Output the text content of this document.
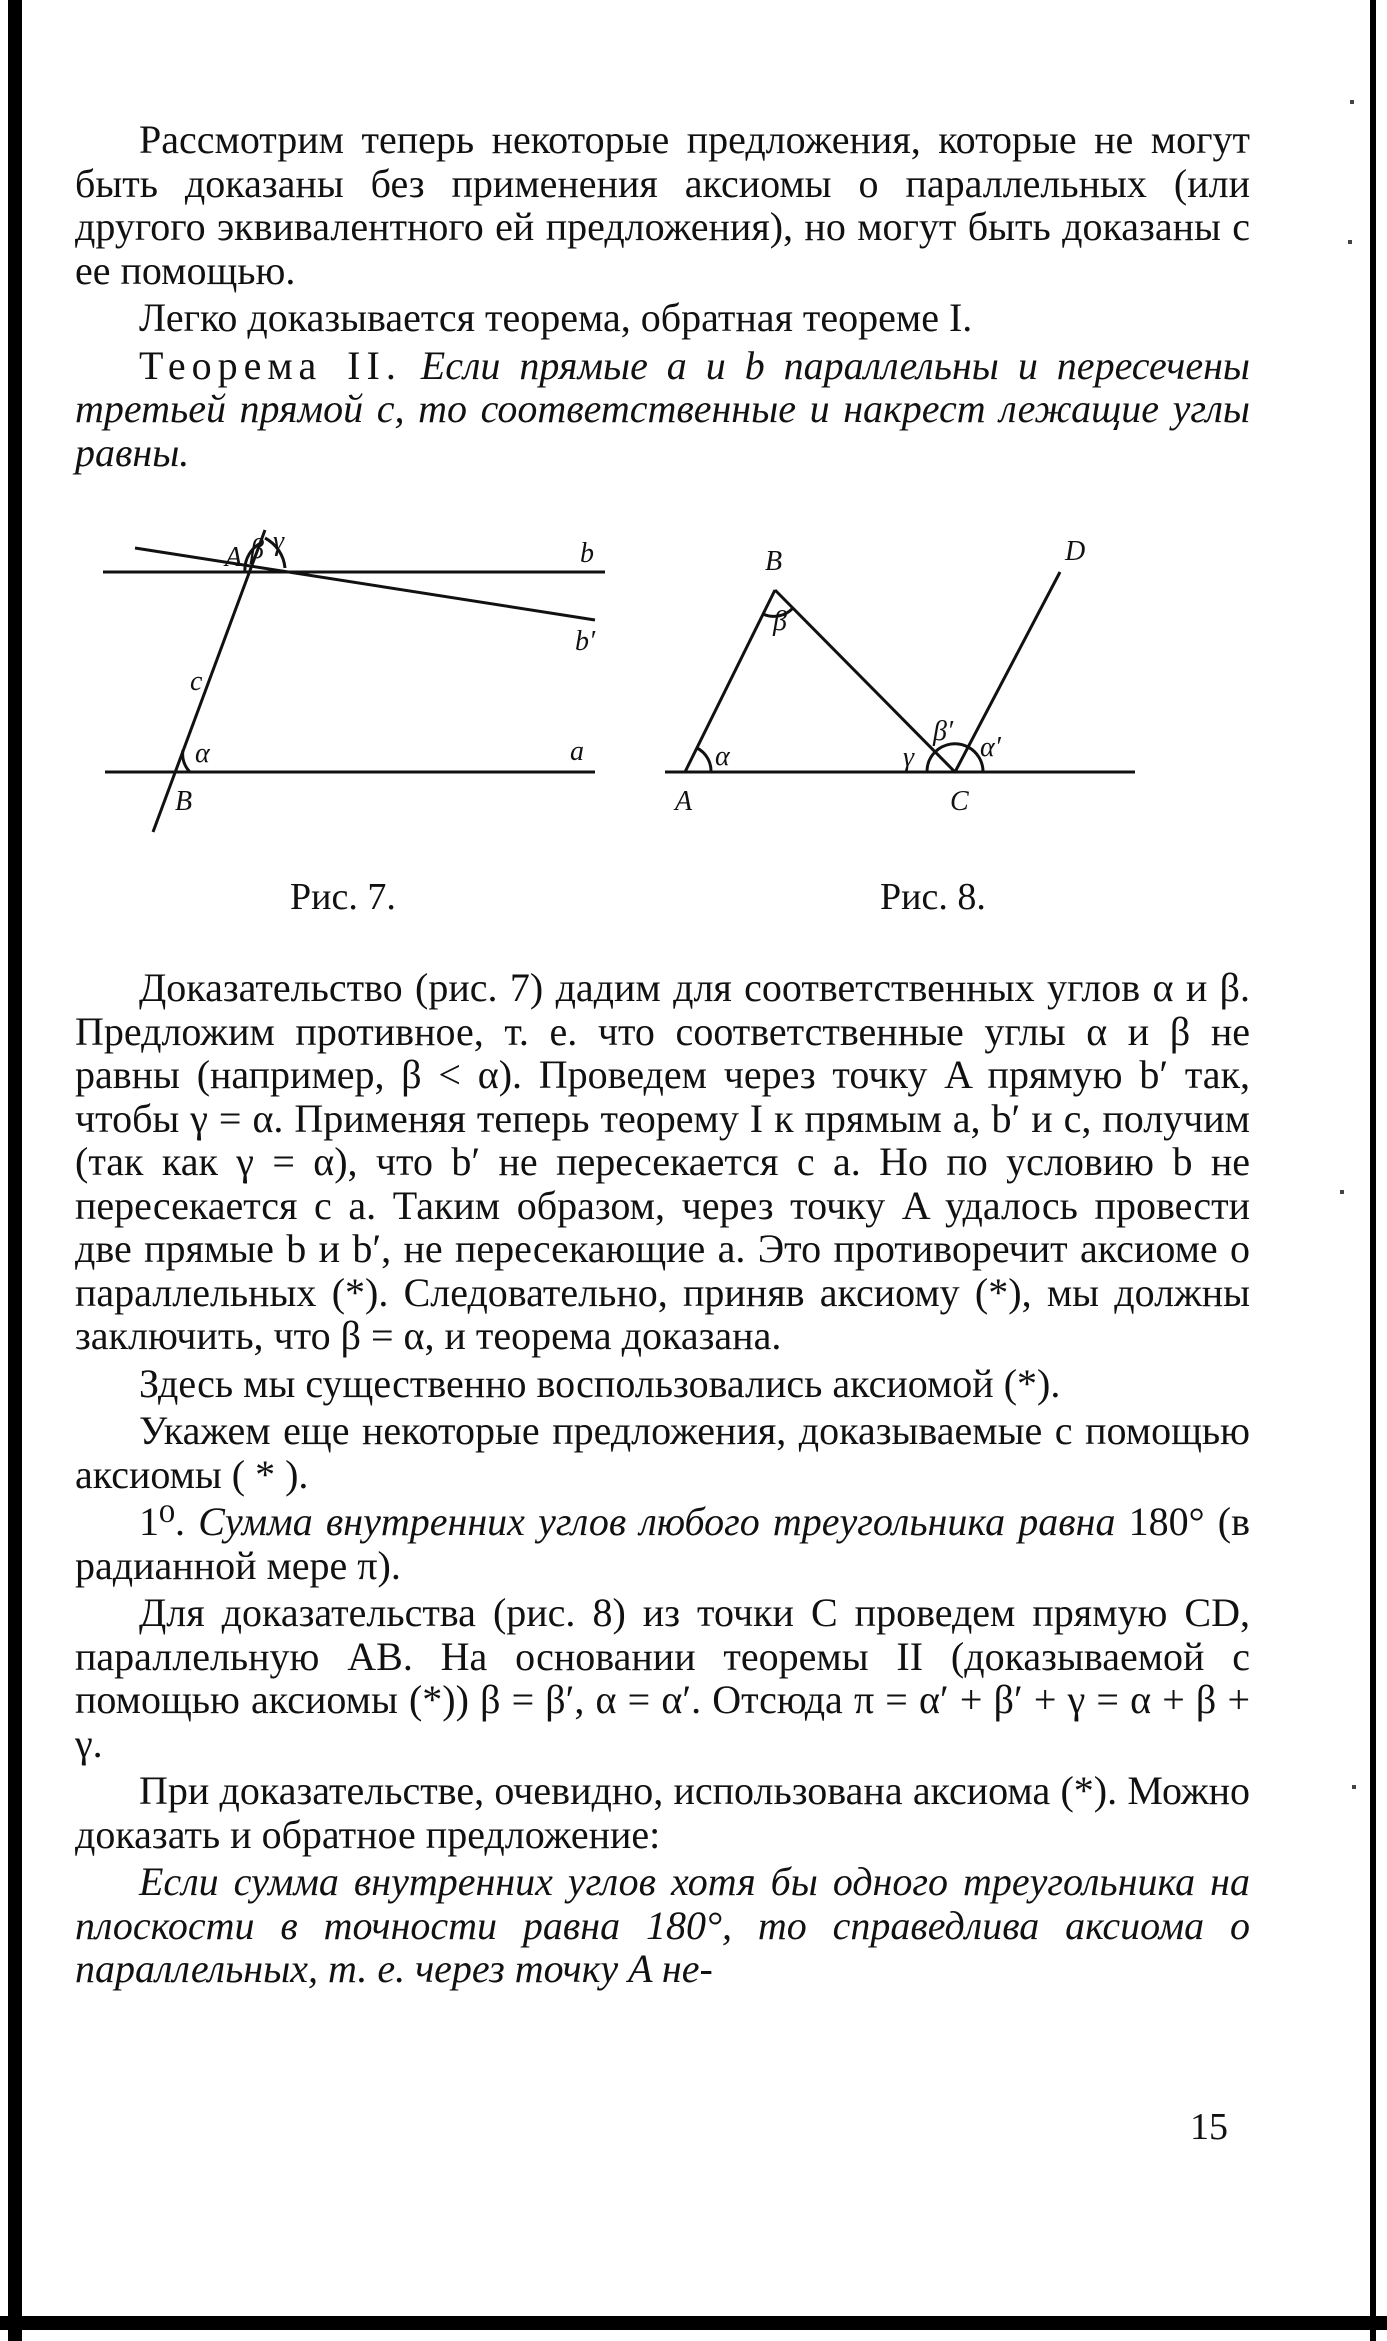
Рассмотрим теперь некоторые предложения, которые не могут быть доказаны без применения аксиомы о параллельных (или другого эквивалентного ей предложения), но могут быть доказаны с ее помощью.

Легко доказывается теорема, обратная теореме I.

Теорема II. Если прямые a и b параллельны и пересечены третьей прямой c, то соответственные и накрест лежащие углы равны.

A
B
a
b
b′
c
α
β γ
A
B
C
D
α
β
γ
β′
α′
Рис. 7.	Рис. 8.

Доказательство (рис. 7) дадим для соответственных углов α и β. Предложим противное, т. е. что соответственные углы α и β не равны (например, β < α). Проведем через точку A прямую b′ так, чтобы γ = α. Применяя теперь теорему I к прямым a, b′ и c, получим (так как γ = α), что b′ не пересекается с a. Но по условию b не пересекается с a. Таким образом, через точку A удалось провести две прямые b и b′, не пересекающие a. Это противоречит аксиоме о параллельных (*). Следовательно, приняв аксиому (*), мы должны заключить, что β = α, и теорема доказана.

Здесь мы существенно воспользовались аксиомой (*).

Укажем еще некоторые предложения, доказываемые с помощью аксиомы ( * ).

1⁰. Сумма внутренних углов любого треугольника равна 180° (в радианной мере π).

Для доказательства (рис. 8) из точки C проведем прямую CD, параллельную AB. На основании теоремы II (доказываемой с помощью аксиомы (*)) β = β′, α = α′. Отсюда π = α′ + β′ + γ = α + β + γ.

При доказательстве, очевидно, использована аксиома (*). Можно доказать и обратное предложение:

Если сумма внутренних углов хотя бы одного треугольника на плоскости в точности равна 180°, то справедлива аксиома о параллельных, т. е. через точку A не-

15
